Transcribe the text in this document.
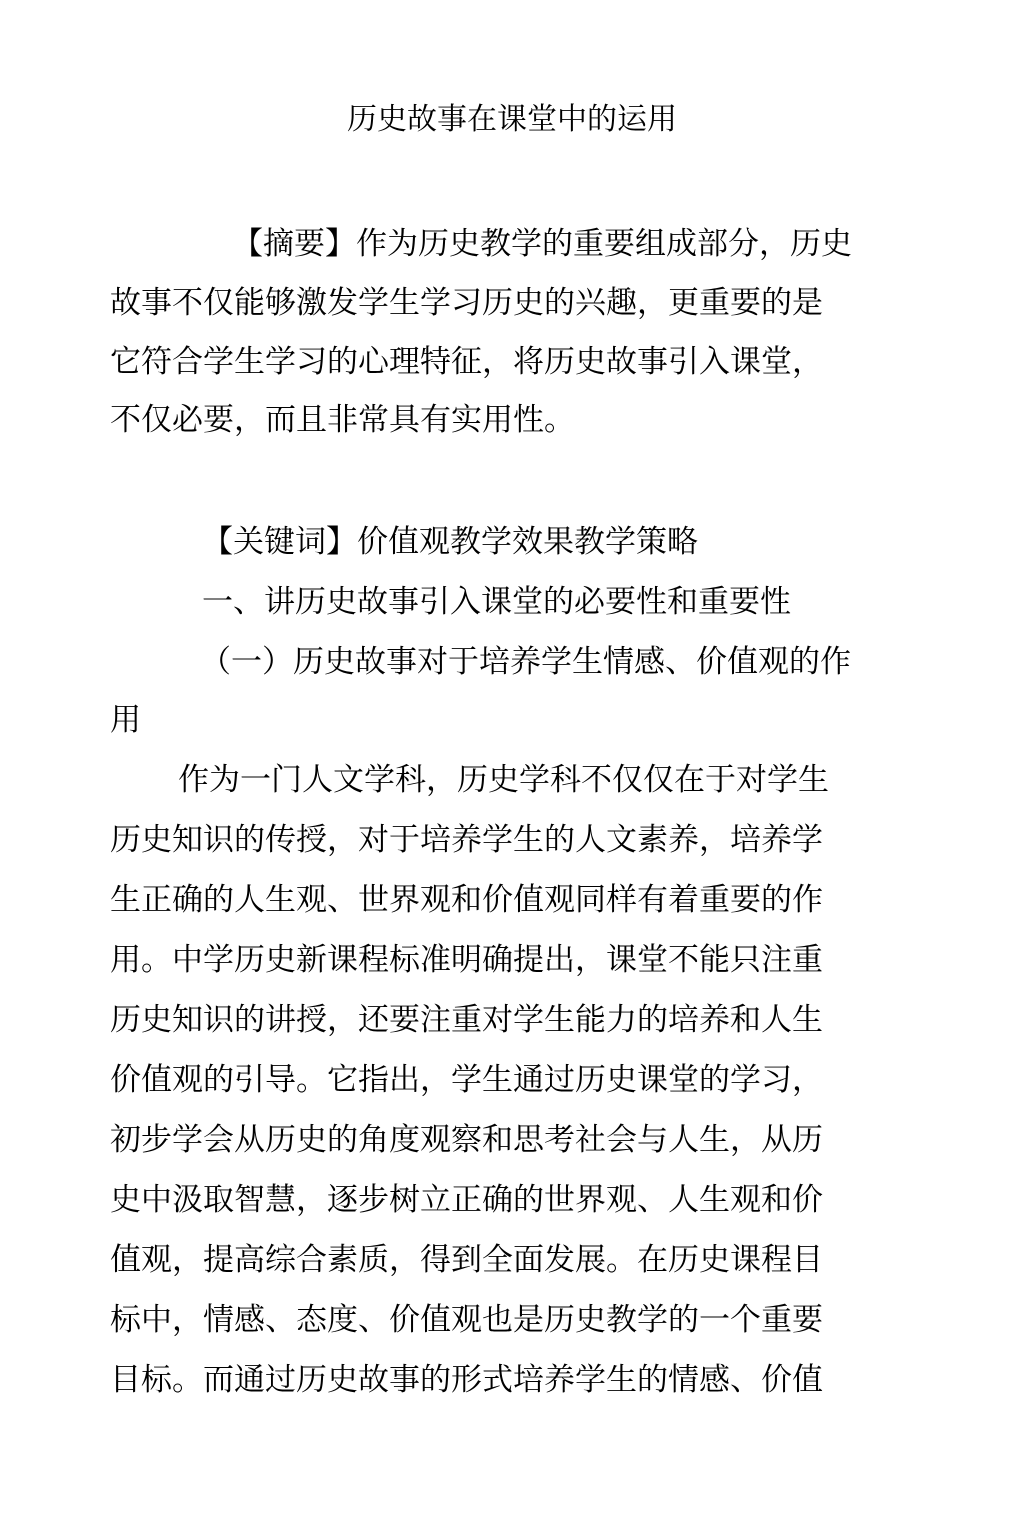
历史故事在课堂中的运用
【摘要】作为历史教学的重要组成部分，历史
故事不仅能够激发学生学习历史的兴趣，更重要的是
它符合学生学习的心理特征，将历史故事引入课堂，
不仅必要，而且非常具有实用性。
【关键词】价值观教学效果教学策略
一、讲历史故事引入课堂的必要性和重要性
（一）历史故事对于培养学生情感、价值观的作
用
作为一门人文学科，历史学科不仅仅在于对学生
历史知识的传授，对于培养学生的人文素养，培养学
生正确的人生观、世界观和价值观同样有着重要的作
用。中学历史新课程标准明确提出，课堂不能只注重
历史知识的讲授，还要注重对学生能力的培养和人生
价值观的引导。它指出，学生通过历史课堂的学习，
初步学会从历史的角度观察和思考社会与人生，从历
史中汲取智慧，逐步树立正确的世界观、人生观和价
值观，提高综合素质，得到全面发展。在历史课程目
标中，情感、态度、价值观也是历史教学的一个重要
目标。而通过历史故事的形式培养学生的情感、价值
